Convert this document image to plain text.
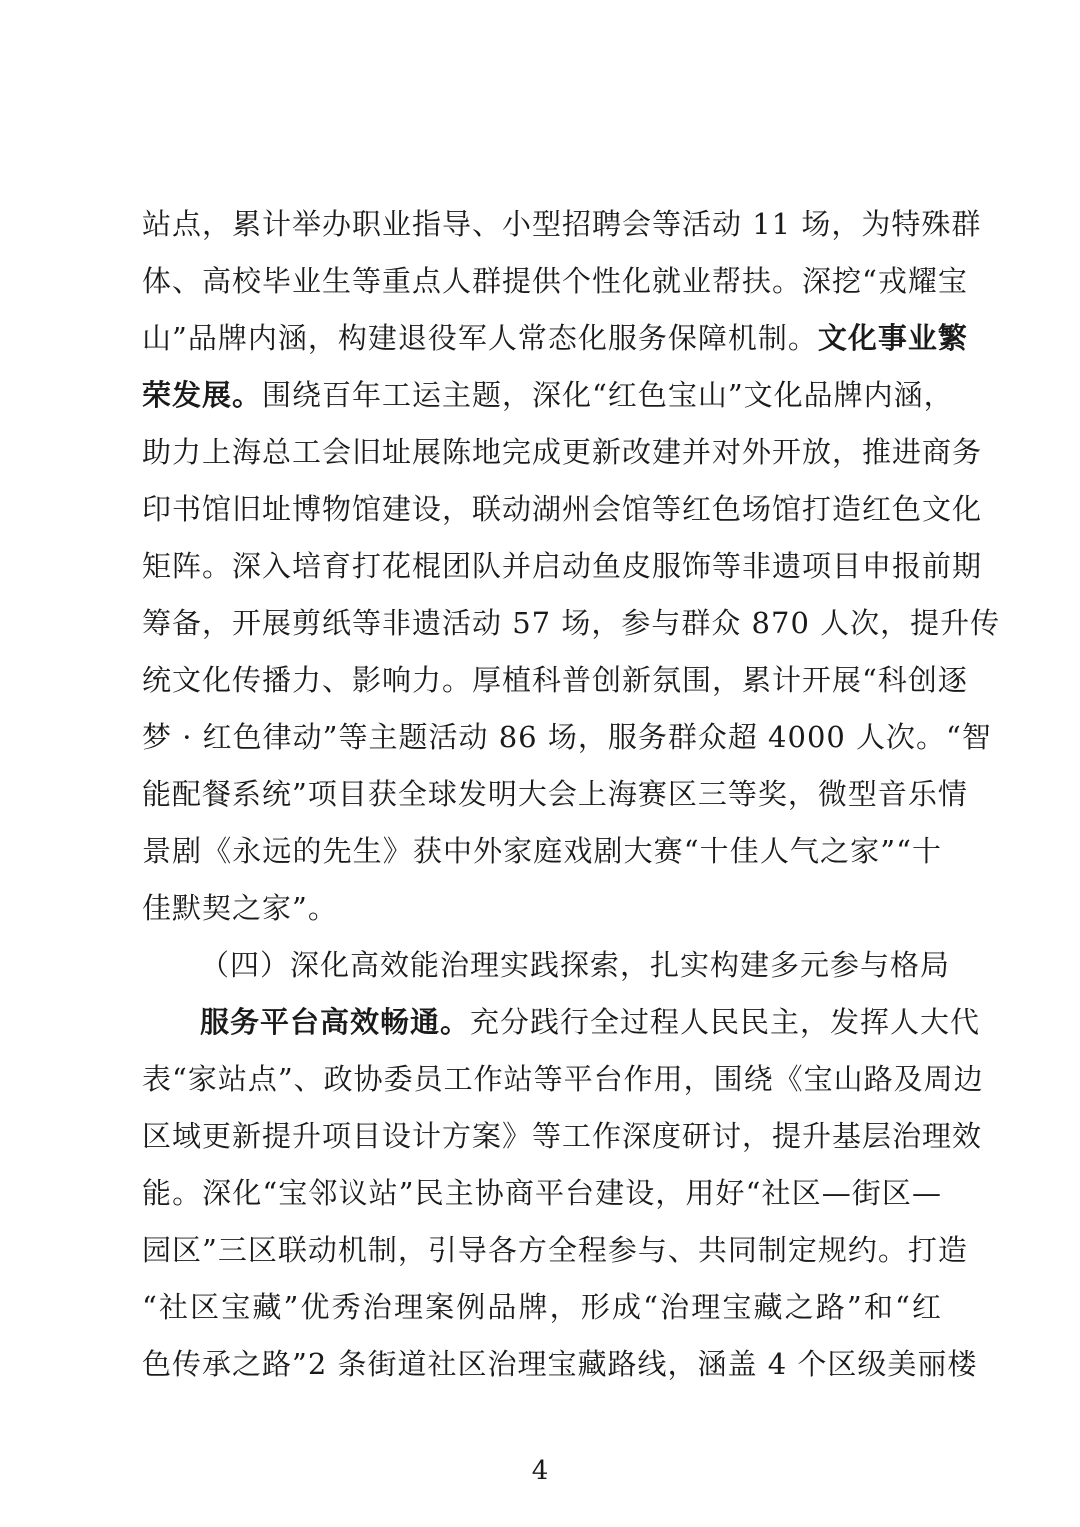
站点，累计举办职业指导、小型招聘会等活动 11 场，为特殊群
体、高校毕业生等重点人群提供个性化就业帮扶。深挖“戎耀宝
山”品牌内涵，构建退役军人常态化服务保障机制。文化事业繁
荣发展。围绕百年工运主题，深化“红色宝山”文化品牌内涵，
助力上海总工会旧址展陈地完成更新改建并对外开放，推进商务
印书馆旧址博物馆建设，联动湖州会馆等红色场馆打造红色文化
矩阵。深入培育打花棍团队并启动鱼皮服饰等非遗项目申报前期
筹备，开展剪纸等非遗活动 57 场，参与群众 870 人次，提升传
统文化传播力、影响力。厚植科普创新氛围，累计开展“科创逐
梦 · 红色律动”等主题活动 86 场，服务群众超 4000 人次。“智
能配餐系统”项目获全球发明大会上海赛区三等奖，微型音乐情
景剧《永远的先生》获中外家庭戏剧大赛“十佳人气之家”“十
佳默契之家”。
（四）深化高效能治理实践探索，扎实构建多元参与格局
服务平台高效畅通。充分践行全过程人民民主，发挥人大代
表“家站点”、政协委员工作站等平台作用，围绕《宝山路及周边
区域更新提升项目设计方案》等工作深度研讨，提升基层治理效
能。深化“宝邻议站”民主协商平台建设，用好“社区—街区—
园区”三区联动机制，引导各方全程参与、共同制定规约。打造
“社区宝藏”优秀治理案例品牌，形成“治理宝藏之路”和“红
色传承之路”2 条街道社区治理宝藏路线，涵盖 4 个区级美丽楼
4
